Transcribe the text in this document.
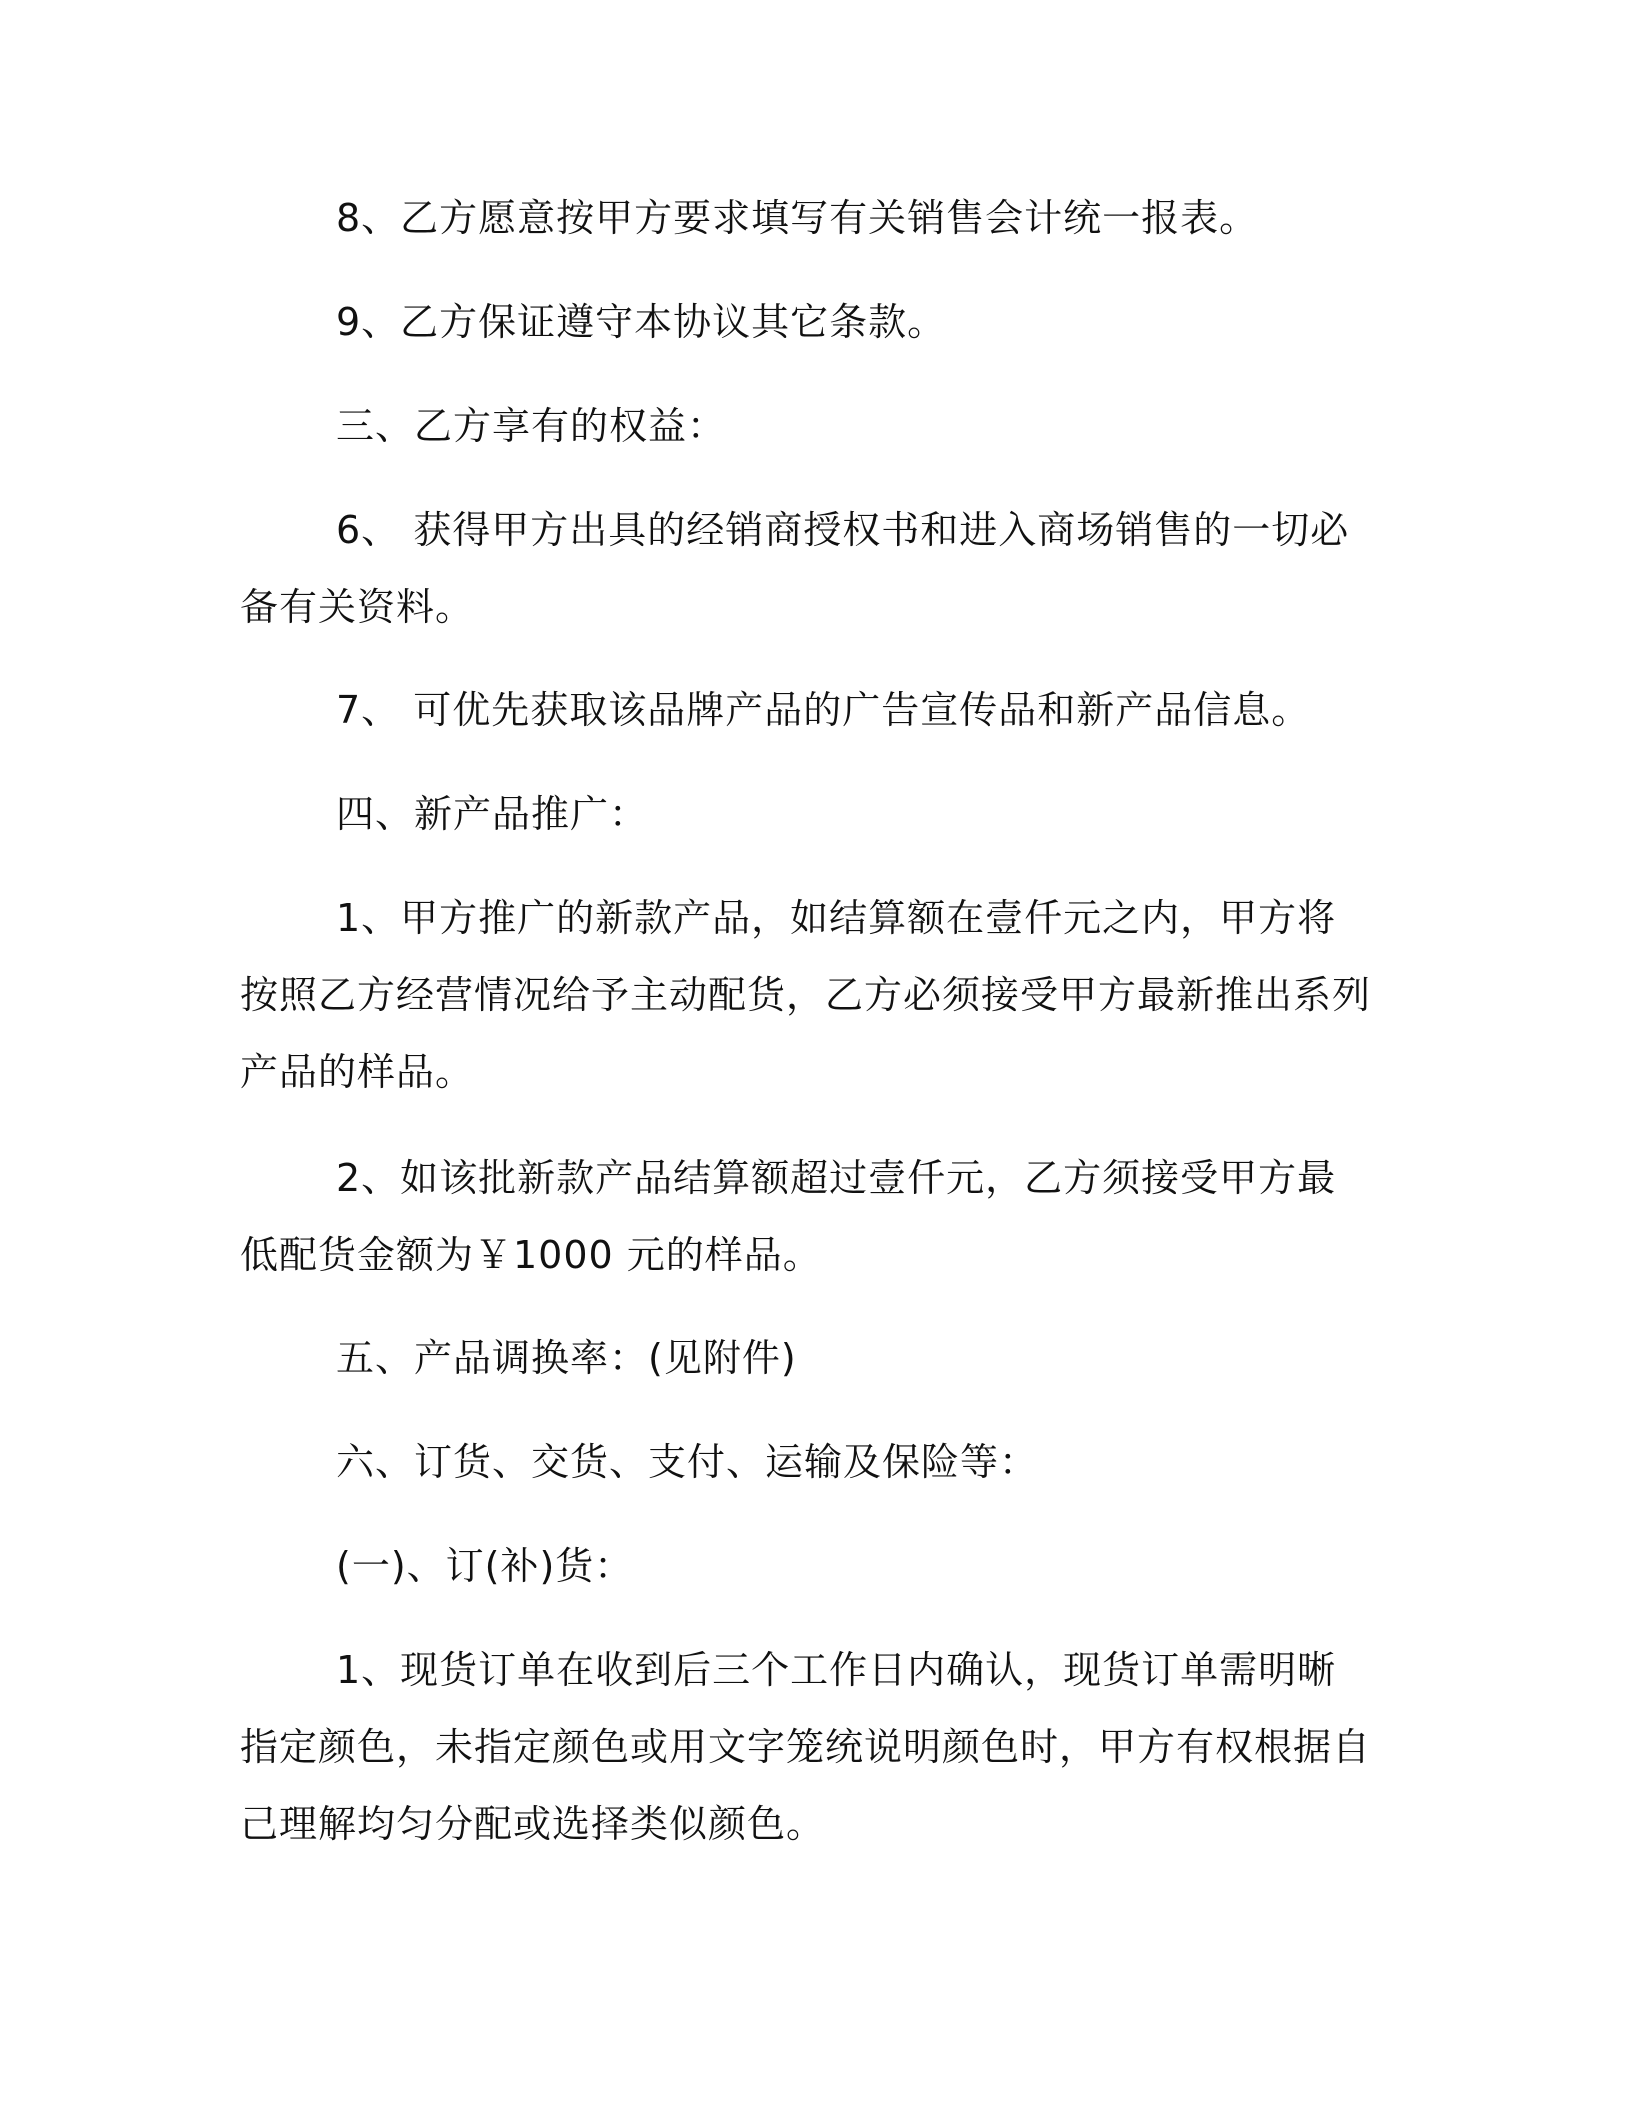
8、乙方愿意按甲方要求填写有关销售会计统一报表。

9、乙方保证遵守本协议其它条款。

三、乙方享有的权益：

6、 获得甲方出具的经销商授权书和进入商场销售的一切必备有关资料。

7、 可优先获取该品牌产品的广告宣传品和新产品信息。

四、新产品推广：

1、甲方推广的新款产品，如结算额在壹仟元之内，甲方将按照乙方经营情况给予主动配货，乙方必须接受甲方最新推出系列产品的样品。

2、如该批新款产品结算额超过壹仟元，乙方须接受甲方最低配货金额为￥1000 元的样品。

五、产品调换率：(见附件)

六、订货、交货、支付、运输及保险等：

(一)、订(补)货：

1、现货订单在收到后三个工作日内确认，现货订单需明晰指定颜色，未指定颜色或用文字笼统说明颜色时，甲方有权根据自己理解均匀分配或选择类似颜色。
